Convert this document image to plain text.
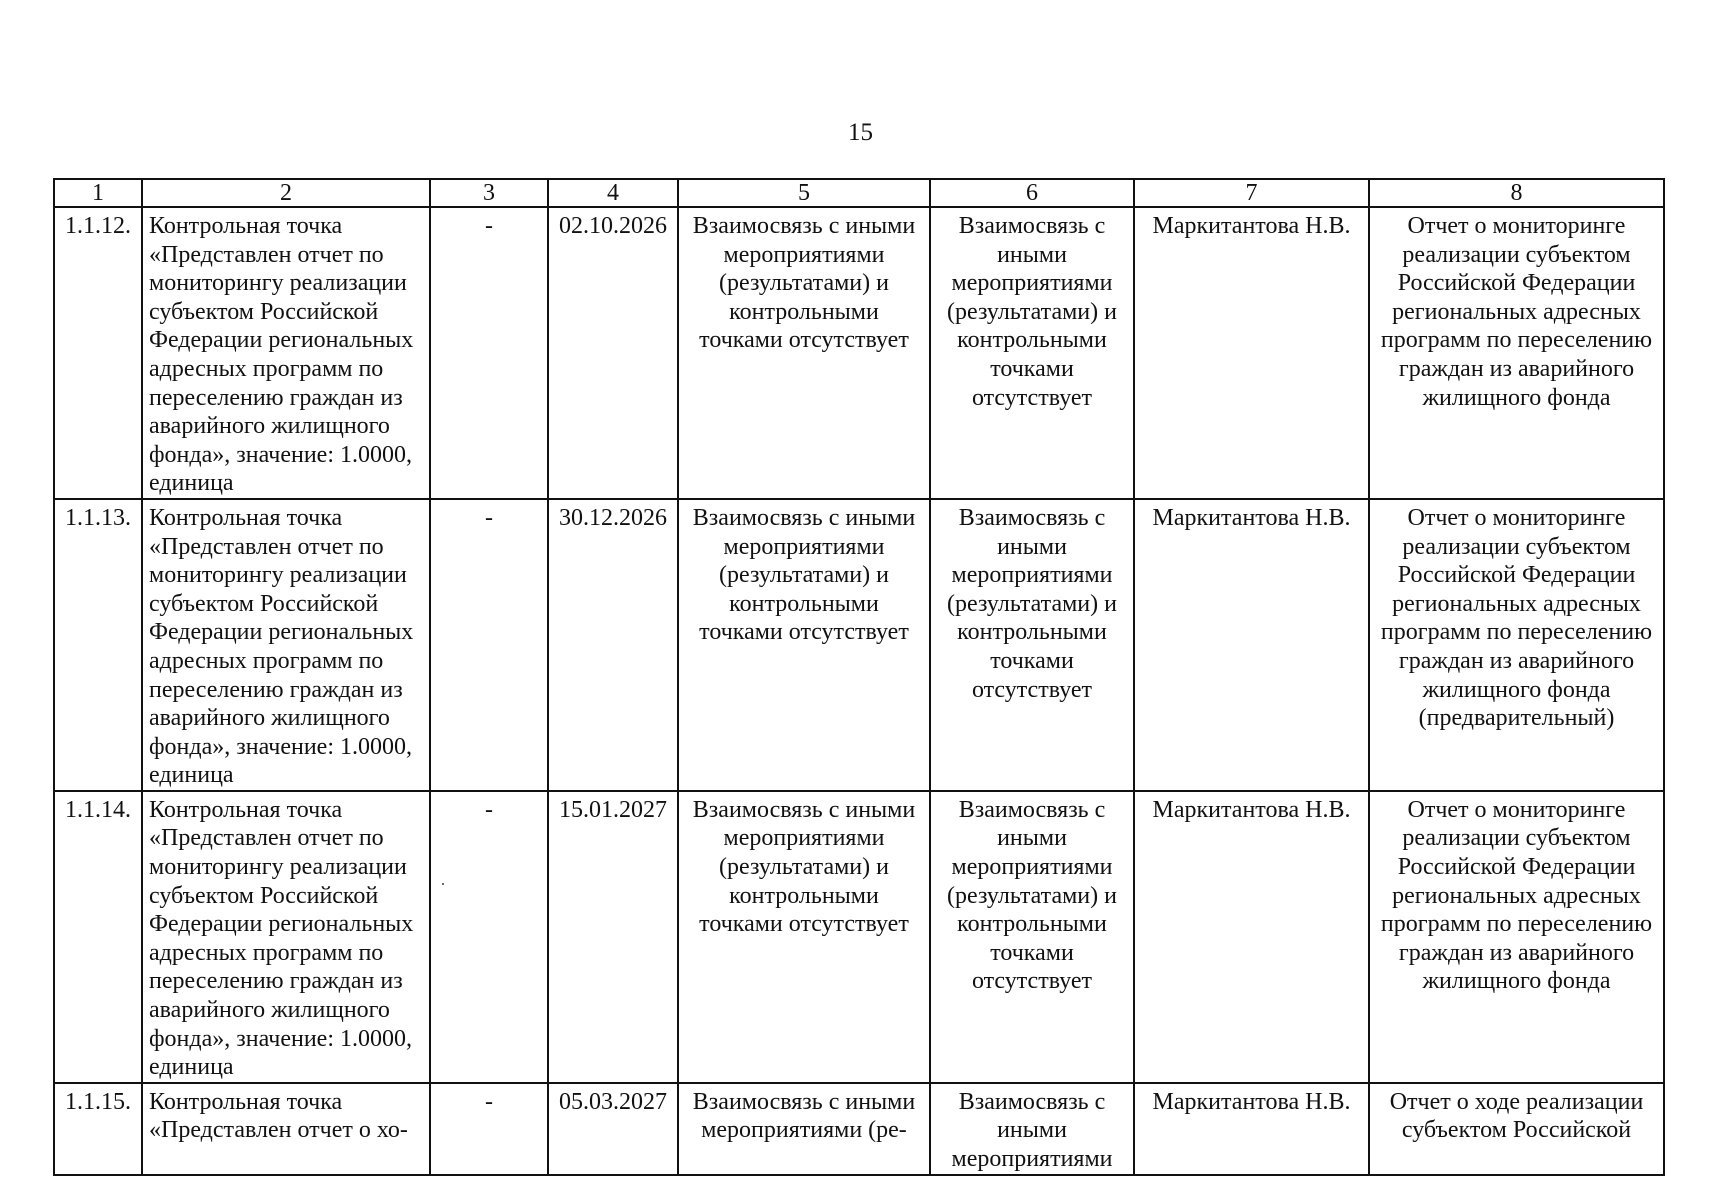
15
1	2	3	4	5	6	7	8
1.1.12.	Контрольная точка «Представлен отчет по мониторингу реализации субъектом Российской Федерации региональных адресных программ по переселению граждан из аварийного жилищного фонда», значение: 1.0000, единица	-	02.10.2026	Взаимосвязь с иными мероприятиями (результатами) и контрольными точками отсутствует	Взаимосвязь с иными мероприятиями (результатами) и контрольными точками отсутствует	Маркитантова Н.В.	Отчет о мониторинге реализации субъектом Российской Федерации региональных адресных программ по переселению граждан из аварийного жилищного фонда
1.1.13.	Контрольная точка «Представлен отчет по мониторингу реализации субъектом Российской Федерации региональных адресных программ по переселению граждан из аварийного жилищного фонда», значение: 1.0000, единица	-	30.12.2026	Взаимосвязь с иными мероприятиями (результатами) и контрольными точками отсутствует	Взаимосвязь с иными мероприятиями (результатами) и контрольными точками отсутствует	Маркитантова Н.В.	Отчет о мониторинге реализации субъектом Российской Федерации региональных адресных программ по переселению граждан из аварийного жилищного фонда (предварительный)
1.1.14.	Контрольная точка «Представлен отчет по мониторингу реализации субъектом Российской Федерации региональных адресных программ по переселению граждан из аварийного жилищного фонда», значение: 1.0000, единица	-	15.01.2027	Взаимосвязь с иными мероприятиями (результатами) и контрольными точками отсутствует	Взаимосвязь с иными мероприятиями (результатами) и контрольными точками отсутствует	Маркитантова Н.В.	Отчет о мониторинге реализации субъектом Российской Федерации региональных адресных программ по переселению граждан из аварийного жилищного фонда
1.1.15.	Контрольная точка «Представлен отчет о хо-	-	05.03.2027	Взаимосвязь с иными мероприятиями (ре-	Взаимосвязь с иными мероприятиями	Маркитантова Н.В.	Отчет о ходе реализации субъектом Российской
·
